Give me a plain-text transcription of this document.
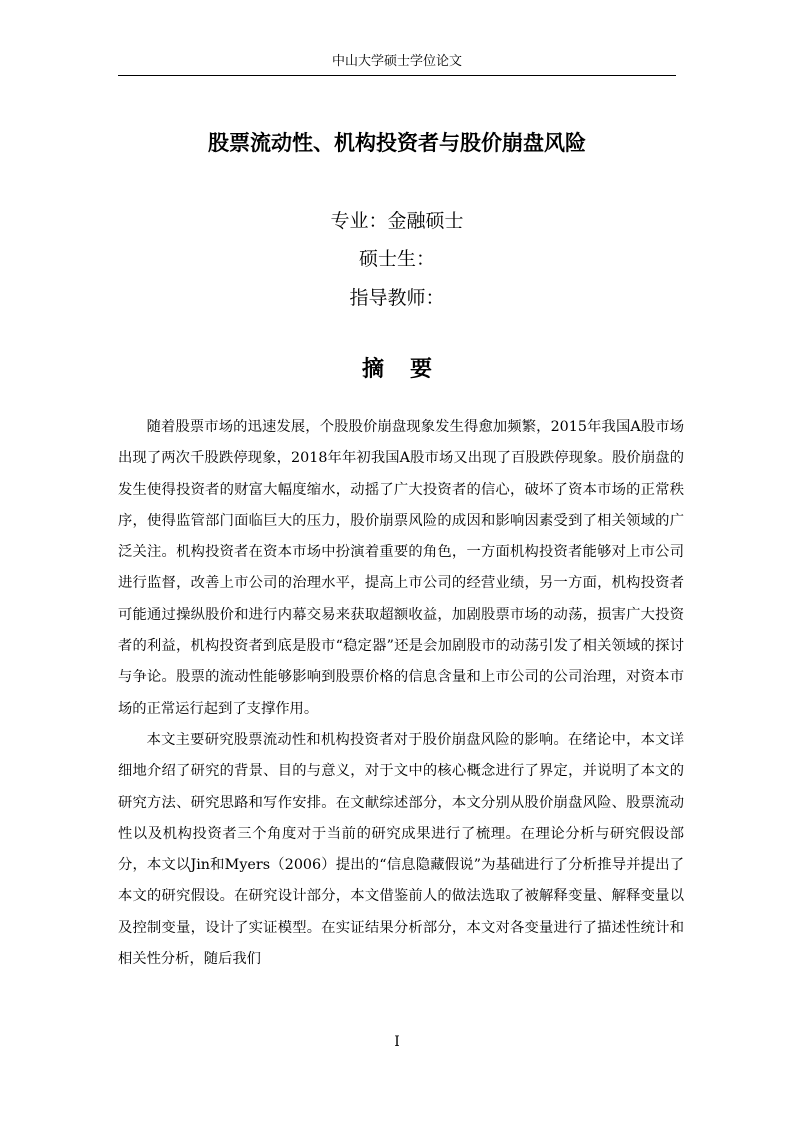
中山大学硕士学位论文
股票流动性、机构投资者与股价崩盘风险
专业：金融硕士
硕士生：
指导教师：
摘要

随着股票市场的迅速发展，个股股价崩盘现象发生得愈加频繁，2015年我国A股市场出现了两次千股跌停现象，2018年年初我国A股市场又出现了百股跌停现象。股价崩盘的发生使得投资者的财富大幅度缩水，动摇了广大投资者的信心，破坏了资本市场的正常秩序，使得监管部门面临巨大的压力，股价崩票风险的成因和影响因素受到了相关领域的广泛关注。机构投资者在资本市场中扮演着重要的角色，一方面机构投资者能够对上市公司进行监督，改善上市公司的治理水平，提高上市公司的经营业绩，另一方面，机构投资者可能通过操纵股价和进行内幕交易来获取超额收益，加剧股票市场的动荡，损害广大投资者的利益，机构投资者到底是股市“稳定器”还是会加剧股市的动荡引发了相关领域的探讨与争论。股票的流动性能够影响到股票价格的信息含量和上市公司的公司治理，对资本市场的正常运行起到了支撑作用。

本文主要研究股票流动性和机构投资者对于股价崩盘风险的影响。在绪论中，本文详细地介绍了研究的背景、目的与意义，对于文中的核心概念进行了界定，并说明了本文的研究方法、研究思路和写作安排。在文献综述部分，本文分别从股价崩盘风险、股票流动性以及机构投资者三个角度对于当前的研究成果进行了梳理。在理论分析与研究假设部分，本文以Jin和Myers（2006）提出的“信息隐藏假说”为基础进行了分析推导并提出了本文的研究假设。在研究设计部分，本文借鉴前人的做法选取了被解释变量、解释变量以及控制变量，设计了实证模型。在实证结果分析部分，本文对各变量进行了描述性统计和相关性分析，随后我们

I
